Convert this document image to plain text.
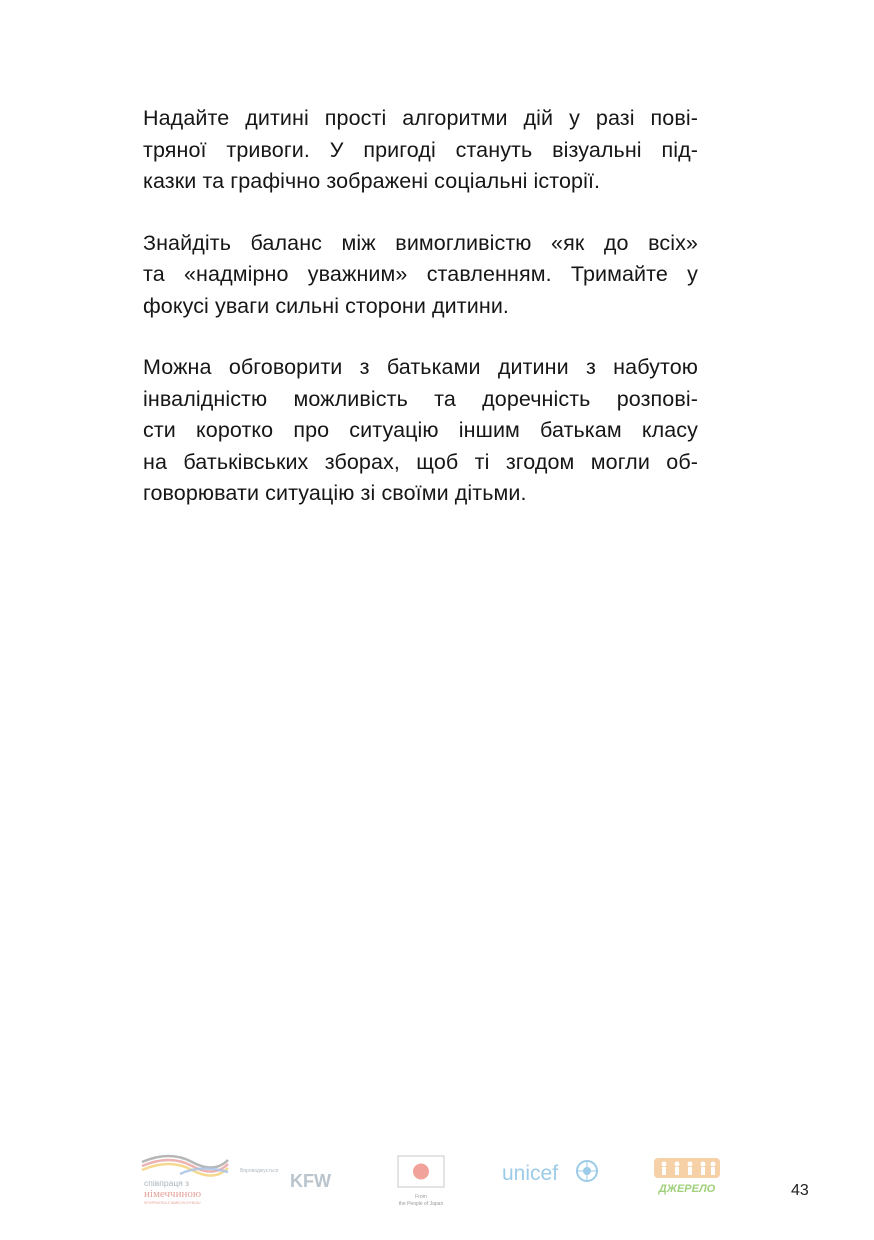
Надайте дитині прості алгоритми дій у разі пові-
тряної тривоги. У пригоді стануть візуальні під-
казки та графічно зображені соціальні історії.

Знайдіть баланс між вимогливістю «як до всіх»
та «надмірно уважним» ставленням. Тримайте у
фокусі уваги сильні сторони дитини.

Можна обговорити з батьками дитини з набутою
інвалідністю можливість та доречність розпові-
сти коротко про ситуацію іншим батькам класу
на батьківських зборах, щоб ті згодом могли об-
говорювати ситуацію зі своїми дітьми.

співпраця з
німеччиною
SPIVPRATSIA Z NIMECHCHYNOIU
Впроваджується KFW
From
the People of Japan
unicef
ДЖЕРЕЛО	43
